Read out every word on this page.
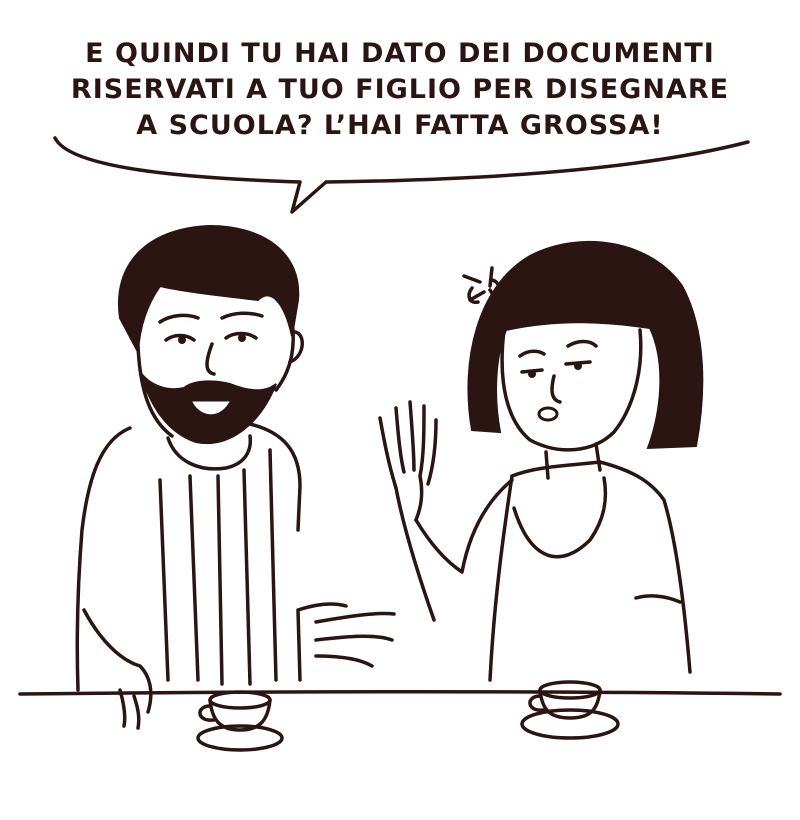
E QUINDI TU HAI DATO DEI DOCUMENTI
RISERVATI A TUO FIGLIO PER DISEGNARE
A SCUOLA? L’HAI FATTA GROSSA!
